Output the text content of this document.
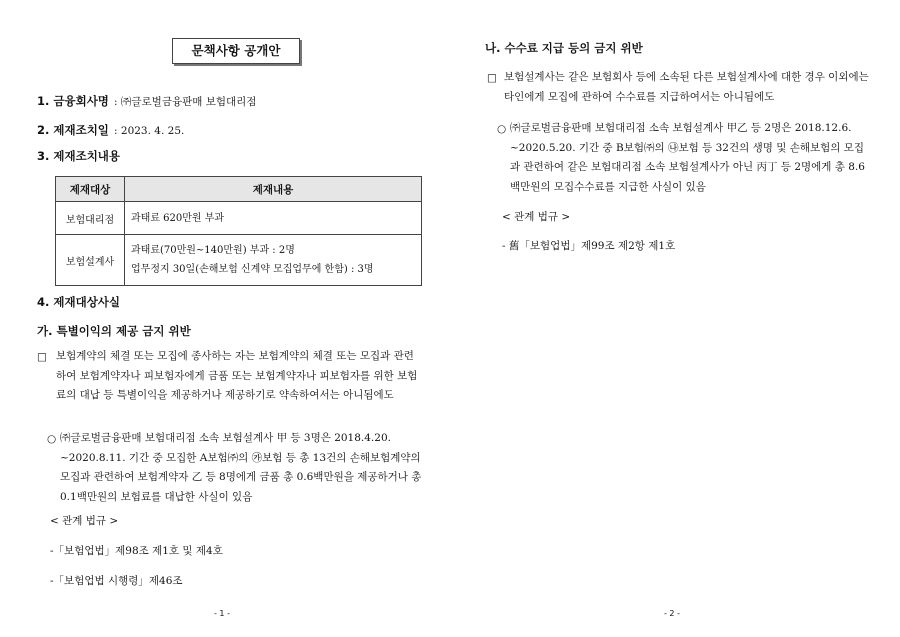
문책사항 공개안
1. 금융회사명 : ㈜글로벌금융판매 보험대리점
2. 제재조치일 : 2023. 4. 25.
3. 제재조치내용
제재대상	제재내용
보험대리점	과태료 620만원 부과
보험설계사	과태료(70만원~140만원) 부과 : 2명
업무정지 30일(손해보험 신계약 모집업무에 한함) : 3명
4. 제재대상사실
가. 특별이익의 제공 금지 위반
□ 보험계약의 체결 또는 모집에 종사하는 자는 보험계약의 체결 또는 모집과 관련하여 보험계약자나 피보험자에게 금품 또는 보험계약자나 피보험자를 위한 보험료의 대납 등 특별이익을 제공하거나 제공하기로 약속하여서는 아니됨에도
○ ㈜글로벌금융판매 보험대리점 소속 보험설계사 甲 등 3명은 2018.4.20. ~2020.8.11. 기간 중 모집한 A보험㈜의 ㉮보험 등 총 13건의 손해보험계약의 모집과 관련하여 보험계약자 乙 등 8명에게 금품 총 0.6백만원을 제공하거나 총 0.1백만원의 보험료를 대납한 사실이 있음
< 관계 법규 >
-「보험업법」제98조 제1호 및 제4호
-「보험업법 시행령」제46조
- 1 -
나. 수수료 지급 등의 금지 위반
□ 보험설계사는 같은 보험회사 등에 소속된 다른 보험설계사에 대한 경우 이외에는 타인에게 모집에 관하여 수수료를 지급하여서는 아니됨에도
○ ㈜글로벌금융판매 보험대리점 소속 보험설계사 甲乙 등 2명은 2018.12.6. ~2020.5.20. 기간 중 B보험㈜의 ㉯보험 등 32건의 생명 및 손해보험의 모집과 관련하여 같은 보험대리점 소속 보험설계사가 아닌 丙丁 등 2명에게 총 8.6백만원의 모집수수료를 지급한 사실이 있음
< 관계 법규 >
- 舊「보험업법」제99조 제2항 제1호
- 2 -
